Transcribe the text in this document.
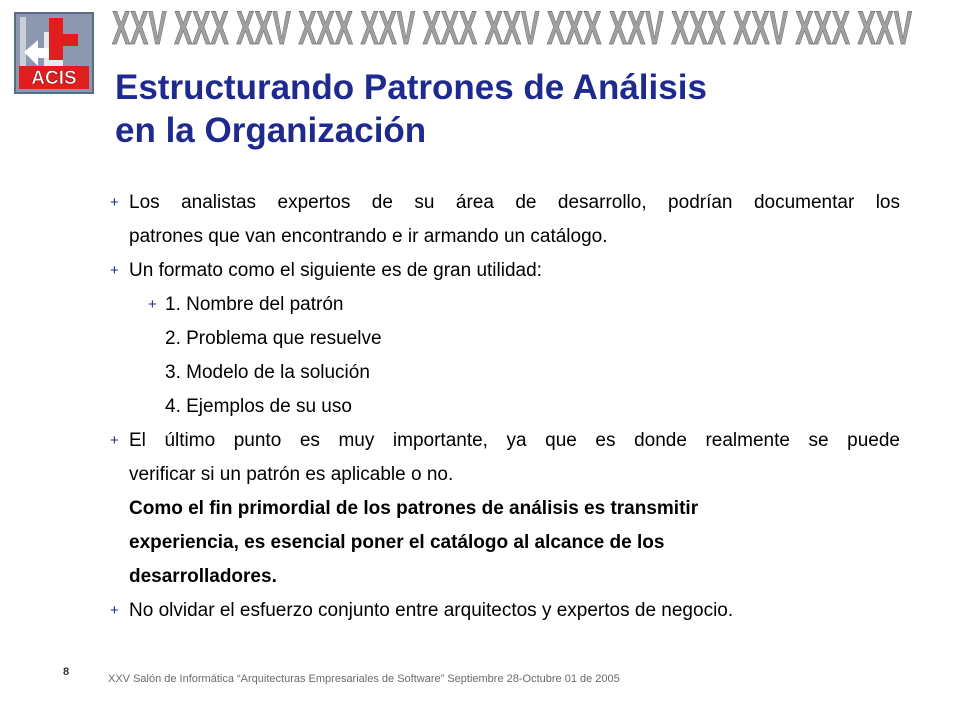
ACIS
XXV XXX XXV XXX XXV XXX XXV XXX XXV XXX XXV XXX XXV
Estructurando Patrones de Análisis
en la Organización
+ Los analistas expertos de su área de desarrollo, podrían documentar los
patrones que van encontrando e ir armando un catálogo.
+ Un formato como el siguiente es de gran utilidad:
+ 1. Nombre del patrón
2. Problema que resuelve
3. Modelo de la solución
4. Ejemplos de su uso
+ El último punto es muy importante, ya que es donde realmente se puede
verificar si un patrón es aplicable o no.
Como el fin primordial de los patrones de análisis es transmitir
experiencia, es esencial poner el catálogo al alcance de los
desarrolladores.
+ No olvidar el esfuerzo conjunto entre arquitectos y expertos de negocio.
8
XXV Salón de Informática “Arquitecturas Empresariales de Software” Septiembre 28-Octubre 01 de 2005
